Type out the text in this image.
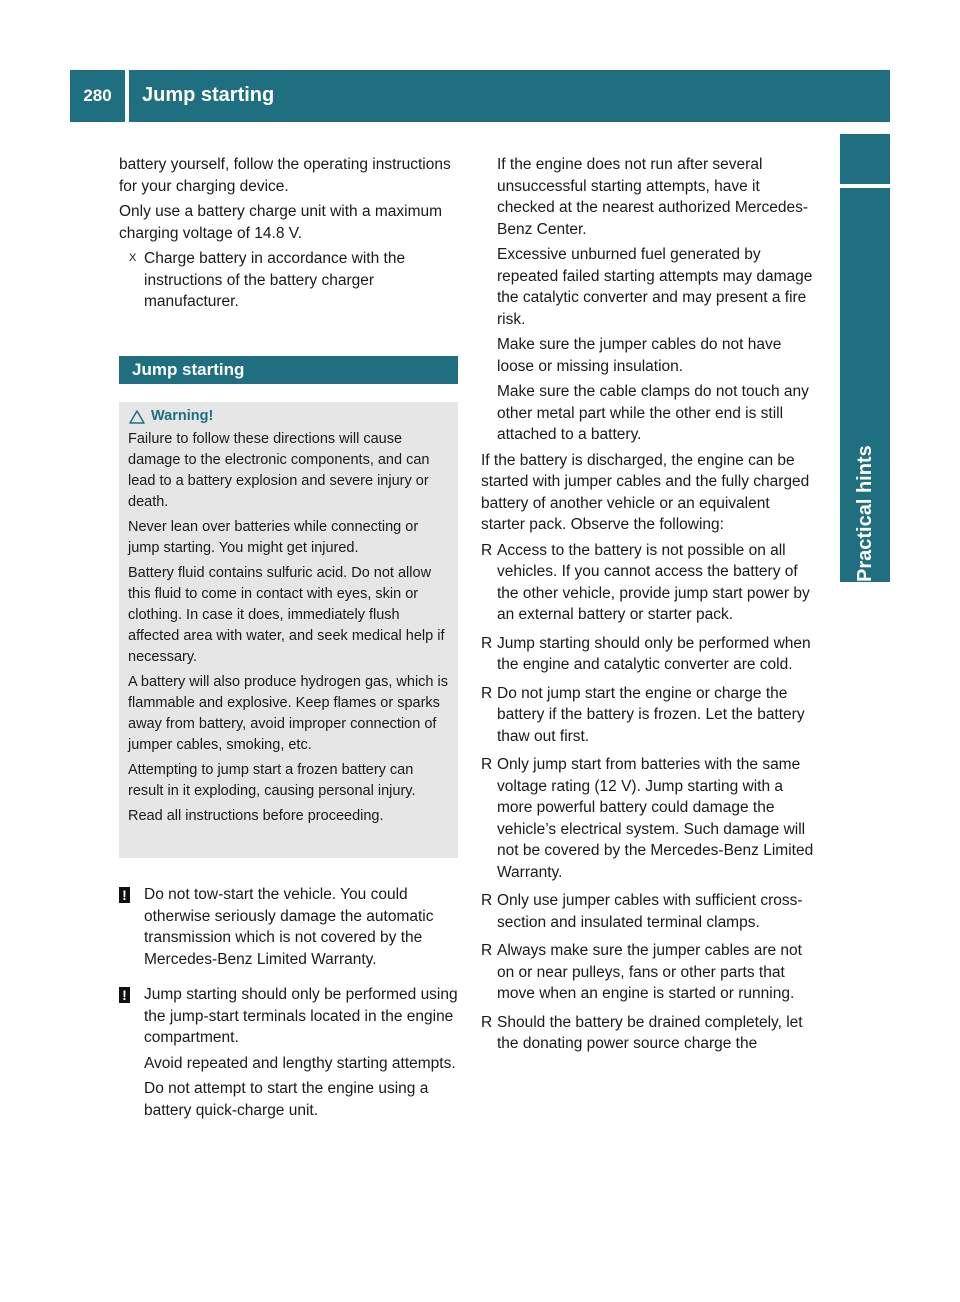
280	Jump starting
Practical hints

battery yourself, follow the operating instructions for your charging device.

Only use a battery charge unit with a maximum charging voltage of 14.8 V.

X Charge battery in accordance with the instructions of the battery charger manufacturer.
Jump starting
Warning!

Failure to follow these directions will cause damage to the electronic components, and can lead to a battery explosion and severe injury or death.

Never lean over batteries while connecting or jump starting. You might get injured.

Battery fluid contains sulfuric acid. Do not allow this fluid to come in contact with eyes, skin or clothing. In case it does, immediately flush affected area with water, and seek medical help if necessary.

A battery will also produce hydrogen gas, which is flammable and explosive. Keep flames or sparks away from battery, avoid improper connection of jumper cables, smoking, etc.

Attempting to jump start a frozen battery can result in it exploding, causing personal injury.

Read all instructions before proceeding.

! Do not tow-start the vehicle. You could otherwise seriously damage the automatic transmission which is not covered by the Mercedes-Benz Limited Warranty.
! Jump starting should only be performed using the jump-start terminals located in the engine compartment.

Avoid repeated and lengthy starting attempts.

Do not attempt to start the engine using a battery quick-charge unit.

If the engine does not run after several unsuccessful starting attempts, have it checked at the nearest authorized Mercedes-Benz Center.

Excessive unburned fuel generated by repeated failed starting attempts may damage the catalytic converter and may present a fire risk.

Make sure the jumper cables do not have loose or missing insulation.

Make sure the cable clamps do not touch any other metal part while the other end is still attached to a battery.

If the battery is discharged, the engine can be started with jumper cables and the fully charged battery of another vehicle or an equivalent starter pack. Observe the following:

R Access to the battery is not possible on all vehicles. If you cannot access the battery of the other vehicle, provide jump start power by an external battery or starter pack.
R Jump starting should only be performed when the engine and catalytic converter are cold.
R Do not jump start the engine or charge the battery if the battery is frozen. Let the battery thaw out first.
R Only jump start from batteries with the same voltage rating (12 V). Jump starting with a more powerful battery could damage the vehicle’s electrical system. Such damage will not be covered by the Mercedes-Benz Limited Warranty.
R Only use jumper cables with sufficient cross-section and insulated terminal clamps.
R Always make sure the jumper cables are not on or near pulleys, fans or other parts that move when an engine is started or running.
R Should the battery be drained completely, let the donating power source charge the
